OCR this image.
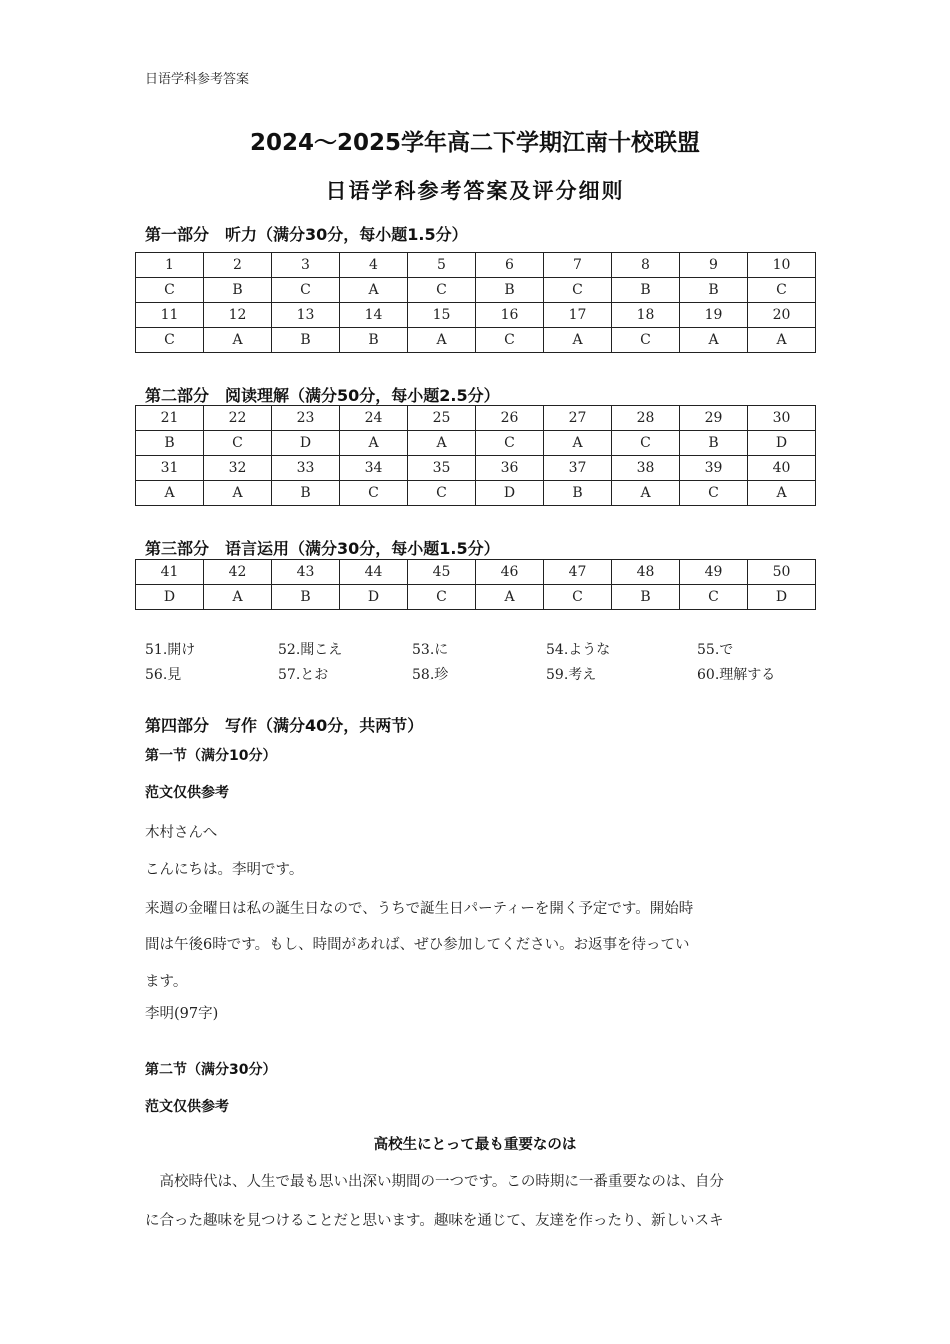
日语学科参考答案
2024～2025学年高二下学期江南十校联盟
日语学科参考答案及评分细则
第一部分　听力（满分30分，每小题1.5分）
1	2	3	4	5	6	7	8	9	10
C	B	C	A	C	B	C	B	B	C
11	12	13	14	15	16	17	18	19	20
C	A	B	B	A	C	A	C	A	A
第二部分　阅读理解（满分50分，每小题2.5分）
21	22	23	24	25	26	27	28	29	30
B	C	D	A	A	C	A	C	B	D
31	32	33	34	35	36	37	38	39	40
A	A	B	C	C	D	B	A	C	A
第三部分　语言运用（满分30分，每小题1.5分）
41	42	43	44	45	46	47	48	49	50
D	A	B	D	C	A	C	B	C	D
51.開け	52.聞こえ	53.に	54.ような	55.で
56.見	57.とお	58.珍	59.考え	60.理解する
第四部分　写作（满分40分，共两节）
第一节（满分10分）
范文仅供参考
木村さんへ
こんにちは。李明です。
来週の金曜日は私の誕生日なので、うちで誕生日パーティーを開く予定です。開始時
間は午後6時です。もし、時間があれば、ぜひ参加してください。お返事を待ってい
ます。
李明(97字)
第二节（满分30分）
范文仅供参考
高校生にとって最も重要なのは
　高校時代は、人生で最も思い出深い期間の一つです。この時期に一番重要なのは、自分
に合った趣味を見つけることだと思います。趣味を通じて、友達を作ったり、新しいスキ
